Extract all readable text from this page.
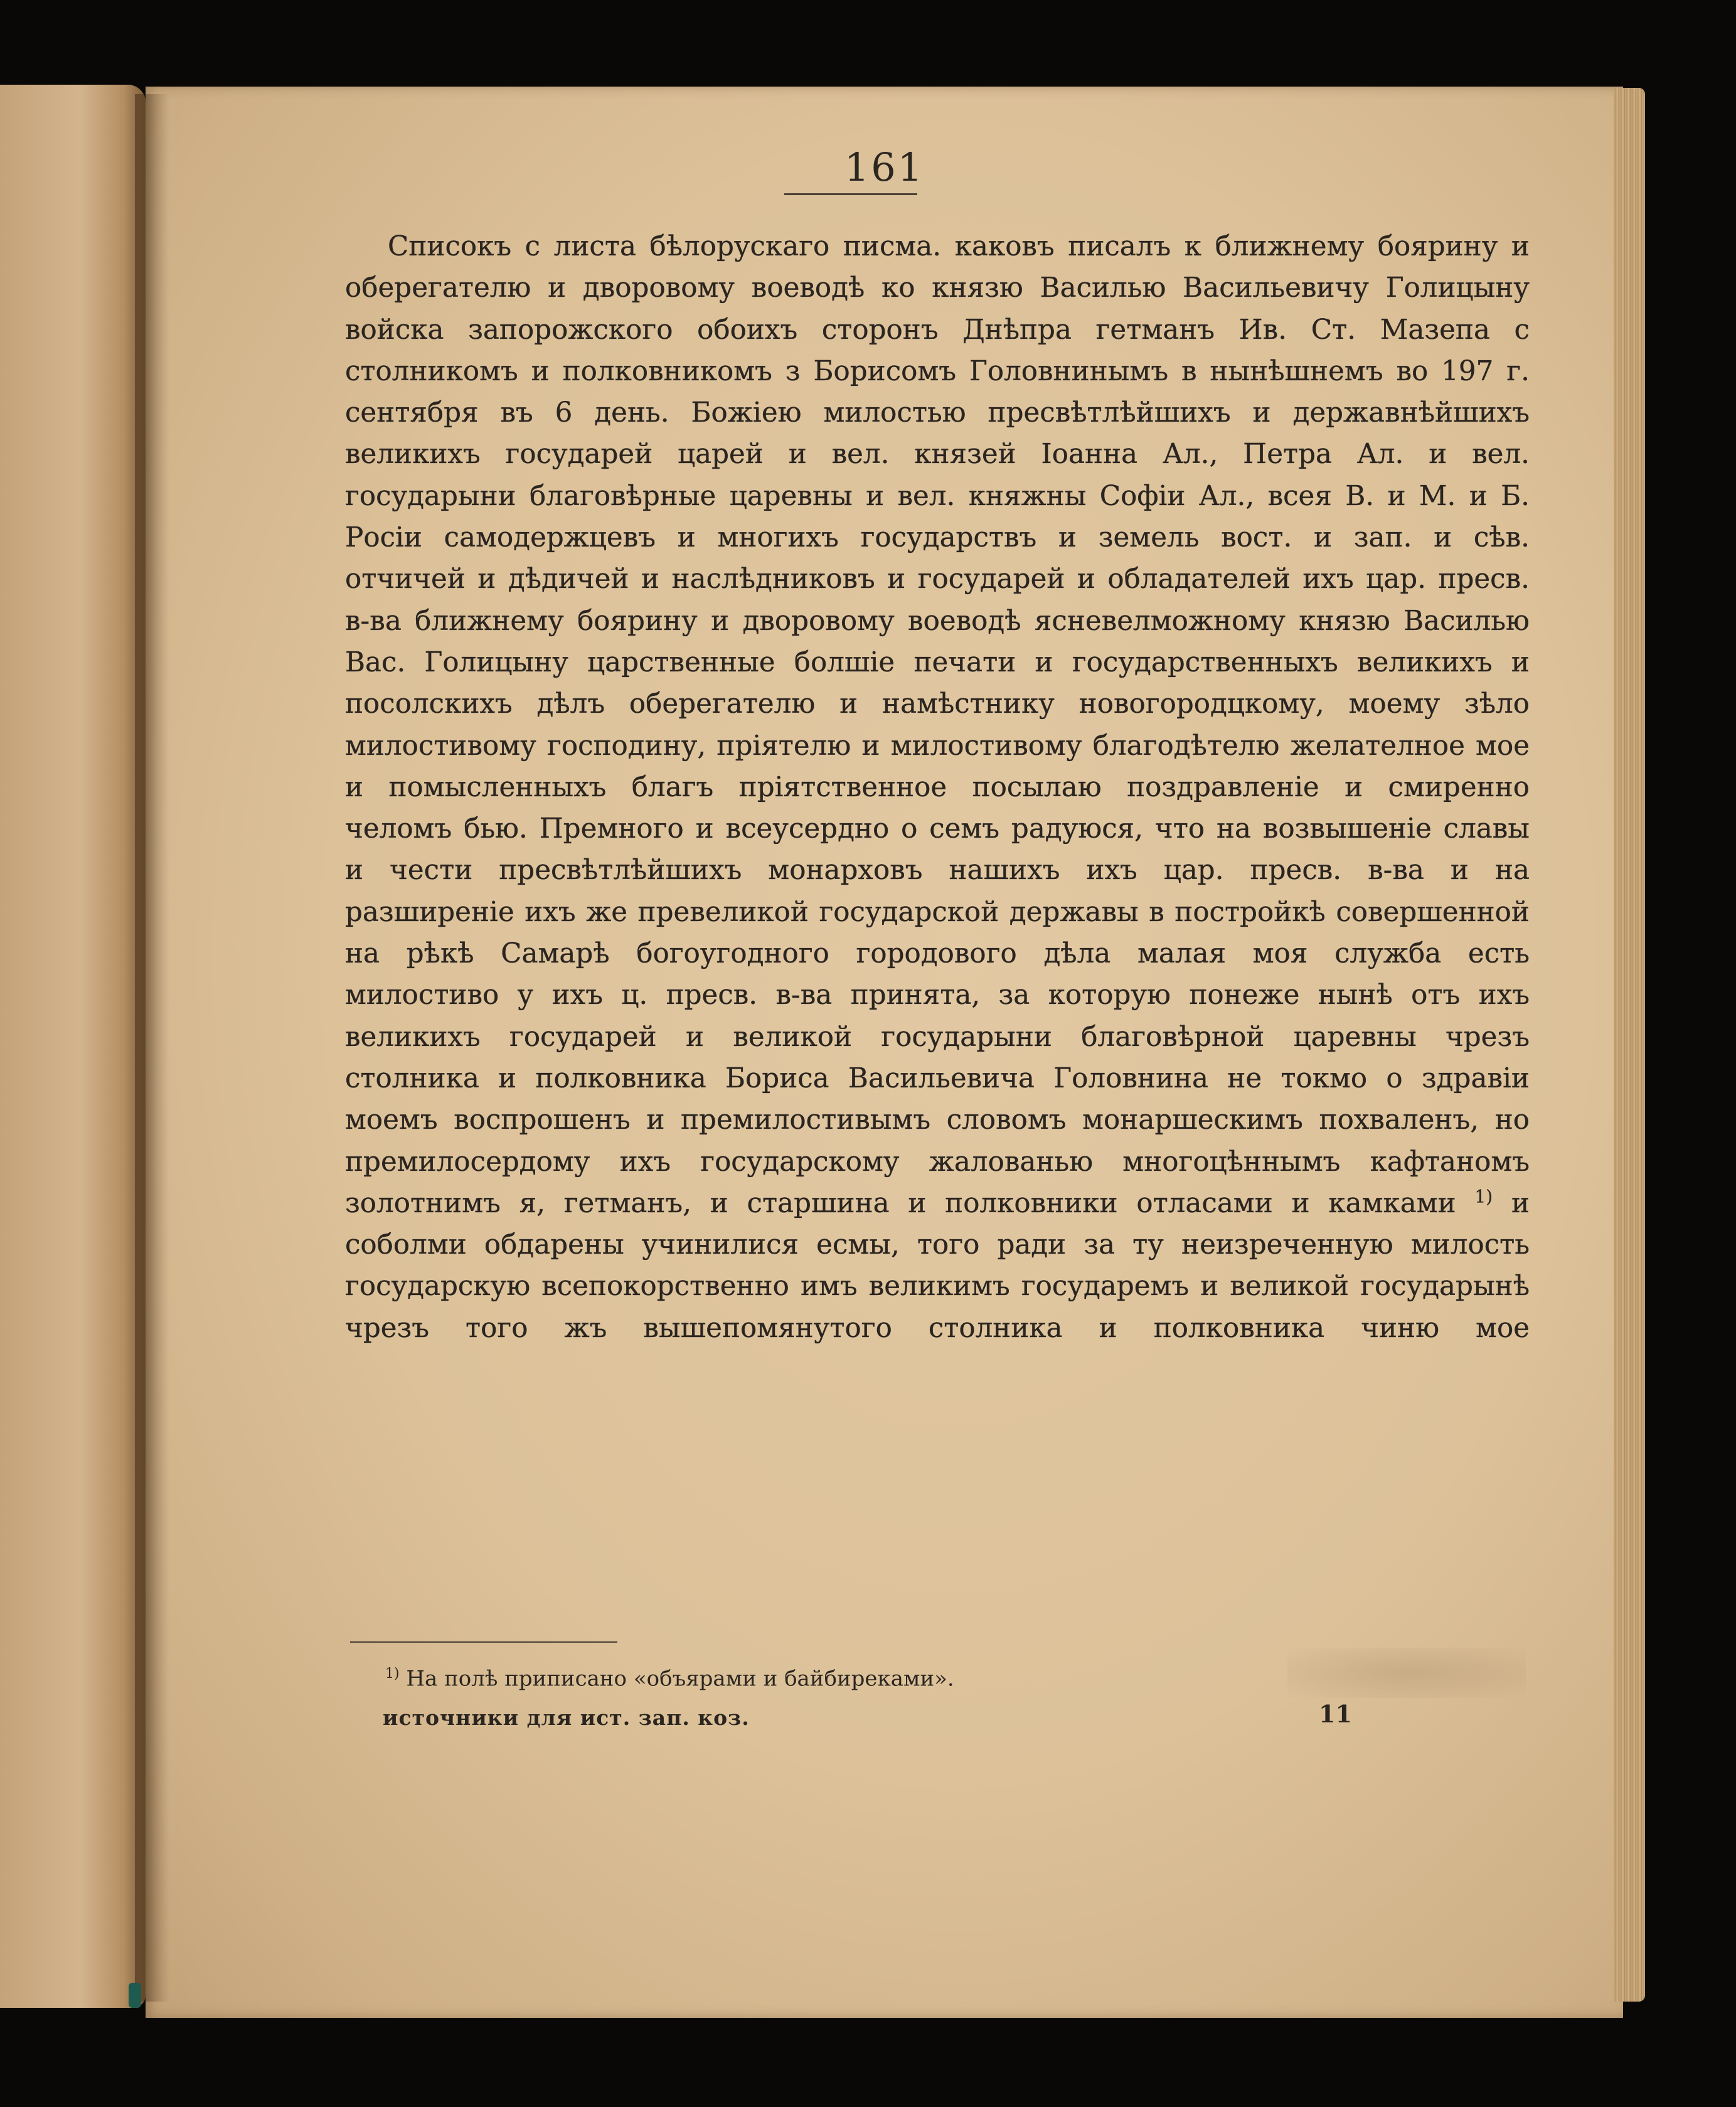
161

Списокъ с листа бѣлорускаго писма. каковъ писалъ к ближнему боярину и оберегателю и дворовому воеводѣ ко князю Василью Васильевичу Голицыну войска запорожского обоихъ сторонъ Днѣпра гетманъ Ив. Ст. Мазепа с столникомъ и полковникомъ з Борисомъ Головнинымъ в нынѣшнемъ во 197 г. сентября въ 6 день. Божіею милостью пресвѣтлѣйшихъ и державнѣйшихъ великихъ государей царей и вел. князей Іоанна Ал., Петра Ал. и вел. государыни благовѣрные царевны и вел. княжны Софіи Ал., всея В. и М. и Б. Росіи самодержцевъ и многихъ государствъ и земель вост. и зап. и сѣв. отчичей и дѣдичей и наслѣдниковъ и государей и обладателей ихъ цар. пресв. в-ва ближнему боярину и дворовому воеводѣ ясневелможному князю Василью Вас. Голицыну царственные болшіе печати и государственныхъ великихъ и посолскихъ дѣлъ оберегателю и намѣстнику новогородцкому, моему зѣло милостивому господину, пріятелю и милостивому благодѣтелю желателное мое и помысленныхъ благъ пріятственное посылаю поздравленіе и смиренно челомъ бью. Премного и всеусердно о семъ радуюся, что на возвышеніе славы и чести пресвѣтлѣйшихъ монарховъ нашихъ ихъ цар. пресв. в-ва и на разширеніе ихъ же превеликой государской державы в постройкѣ совершенной на рѣкѣ Самарѣ богоугодного городового дѣла малая моя служба есть милостиво у ихъ ц. пресв. в-ва принята, за которую понеже нынѣ отъ ихъ великихъ государей и великой государыни благовѣрной царевны чрезъ столника и полковника Бориса Васильевича Головнина не токмо о здравіи моемъ воспрошенъ и премилостивымъ словомъ монаршескимъ похваленъ, но премилосердому ихъ государскому жалованью многоцѣннымъ кафтаномъ золотнимъ я, гетманъ, и старшина и полковники отласами и камками $^{1)}$ и соболми обдарены учинилися есмы, того ради за ту неизреченную милость государскую всепокорственно имъ великимъ государемъ и великой государынѣ чрезъ того жъ вышепомянутого столника и полковника чиню мое

$^{1)}$ На полѣ приписано «объярами и байбиреками».
источники для ист. зап. коз.	11
